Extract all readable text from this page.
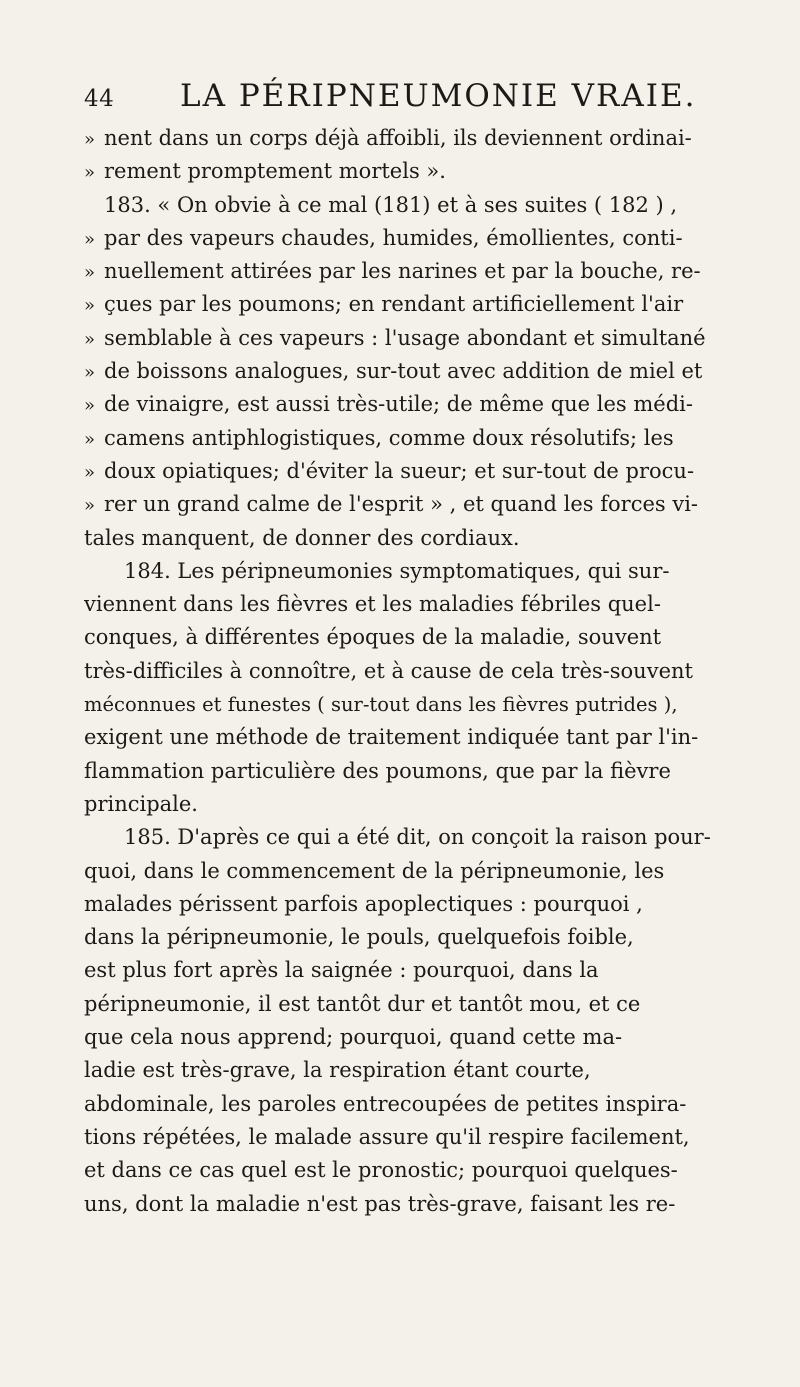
44 LA PÉRIPNEUMONIE VRAIE.
» nent dans un corps déjà affoibli, ils deviennent ordinai-
» rement promptement mortels ».
183. « On obvie à ce mal (181) et à ses suites ( 182 ) ,
» par des vapeurs chaudes, humides, émollientes, conti-
» nuellement attirées par les narines et par la bouche, re-
» çues par les poumons; en rendant artificiellement l'air
» semblable à ces vapeurs : l'usage abondant et simultané
» de boissons analogues, sur-tout avec addition de miel et
» de vinaigre, est aussi très-utile; de même que les médi-
» camens antiphlogistiques, comme doux résolutifs; les
» doux opiatiques; d'éviter la sueur; et sur-tout de procu-
» rer un grand calme de l'esprit » , et quand les forces vi-
tales manquent, de donner des cordiaux.
184. Les péripneumonies symptomatiques, qui sur-
viennent dans les fièvres et les maladies fébriles quel-
conques, à différentes époques de la maladie, souvent
très-difficiles à connoître, et à cause de cela très-souvent
méconnues et funestes ( sur-tout dans les fièvres putrides ),
exigent une méthode de traitement indiquée tant par l'in-
flammation particulière des poumons, que par la fièvre
principale.
185. D'après ce qui a été dit, on conçoit la raison pour-
quoi, dans le commencement de la péripneumonie, les
malades périssent parfois apoplectiques : pourquoi ,
dans la péripneumonie, le pouls, quelquefois foible,
est plus fort après la saignée : pourquoi, dans la
péripneumonie, il est tantôt dur et tantôt mou, et ce
que cela nous apprend; pourquoi, quand cette ma-
ladie est très-grave, la respiration étant courte,
abdominale, les paroles entrecoupées de petites inspira-
tions répétées, le malade assure qu'il respire facilement,
et dans ce cas quel est le pronostic; pourquoi quelques-
uns, dont la maladie n'est pas très-grave, faisant les re-
